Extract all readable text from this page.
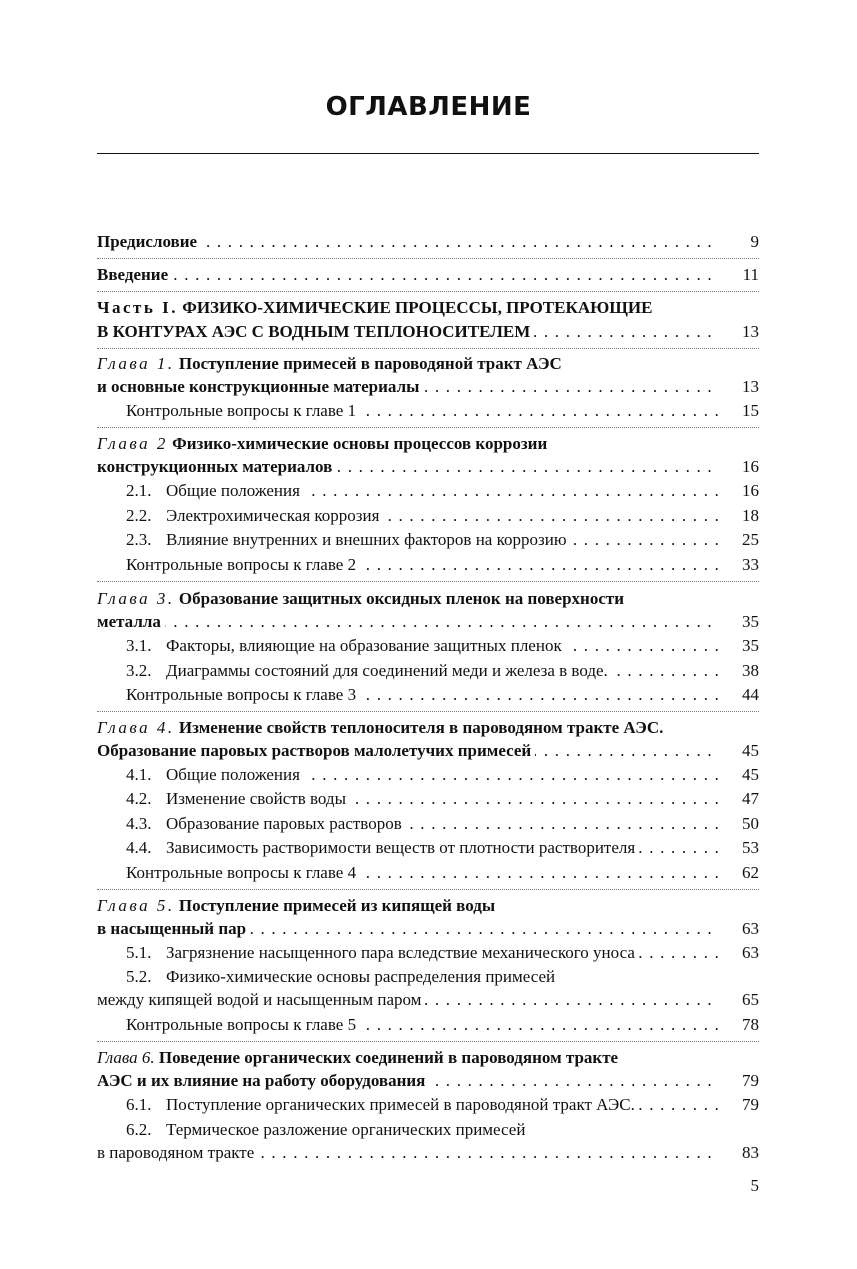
ОГЛАВЛЕНИЕ
. . . Предисловие	9
. . . Введение	11
Часть I. ФИЗИКО-ХИМИЧЕСКИЕ ПРОЦЕССЫ, ПРОТЕКАЮЩИЕ
. . . В КОНТУРАХ АЭС С ВОДНЫМ ТЕПЛОНОСИТЕЛЕМ	13
Глава 1. Поступление примесей в пароводяной тракт АЭС
. . . и основные конструкционные материалы	13
. . . Контрольные вопросы к главе 1	15
Глава 2 Физико-химические основы процессов коррозии
. . . конструкционных материалов	16
. . . 2.1. Общие положения	16
. . . 2.2. Электрохимическая коррозия	18
. . . 2.3. Влияние внутренних и внешних факторов на коррозию	25
. . . Контрольные вопросы к главе 2	33
Глава 3. Образование защитных оксидных пленок на поверхности
. . . металла	35
. . . 3.1. Факторы, влияющие на образование защитных пленок	35
. . . 3.2. Диаграммы состояний для соединений меди и железа в воде.	38
. . . Контрольные вопросы к главе 3	44
Глава 4. Изменение свойств теплоносителя в пароводяном тракте АЭС.
. . . Образование паровых растворов малолетучих примесей	45
. . . 4.1. Общие положения	45
. . . 4.2. Изменение свойств воды	47
. . . 4.3. Образование паровых растворов	50
. . . 4.4. Зависимость растворимости веществ от плотности растворителя	53
. . . Контрольные вопросы к главе 4	62
Глава 5. Поступление примесей из кипящей воды
. . . в насыщенный пар	63
. . . 5.1. Загрязнение насыщенного пара вследствие механического уноса	63
5.2. Физико-химические основы распределения примесей
. . . между кипящей водой и насыщенным паром	65
. . . Контрольные вопросы к главе 5	78
Глава 6. Поведение органических соединений в пароводяном тракте
. . . АЭС и их влияние на работу оборудования	79
. . . 6.1. Поступление органических примесей в пароводяной тракт АЭС.	79
6.2. Термическое разложение органических примесей
. . . в пароводяном тракте	83
5
